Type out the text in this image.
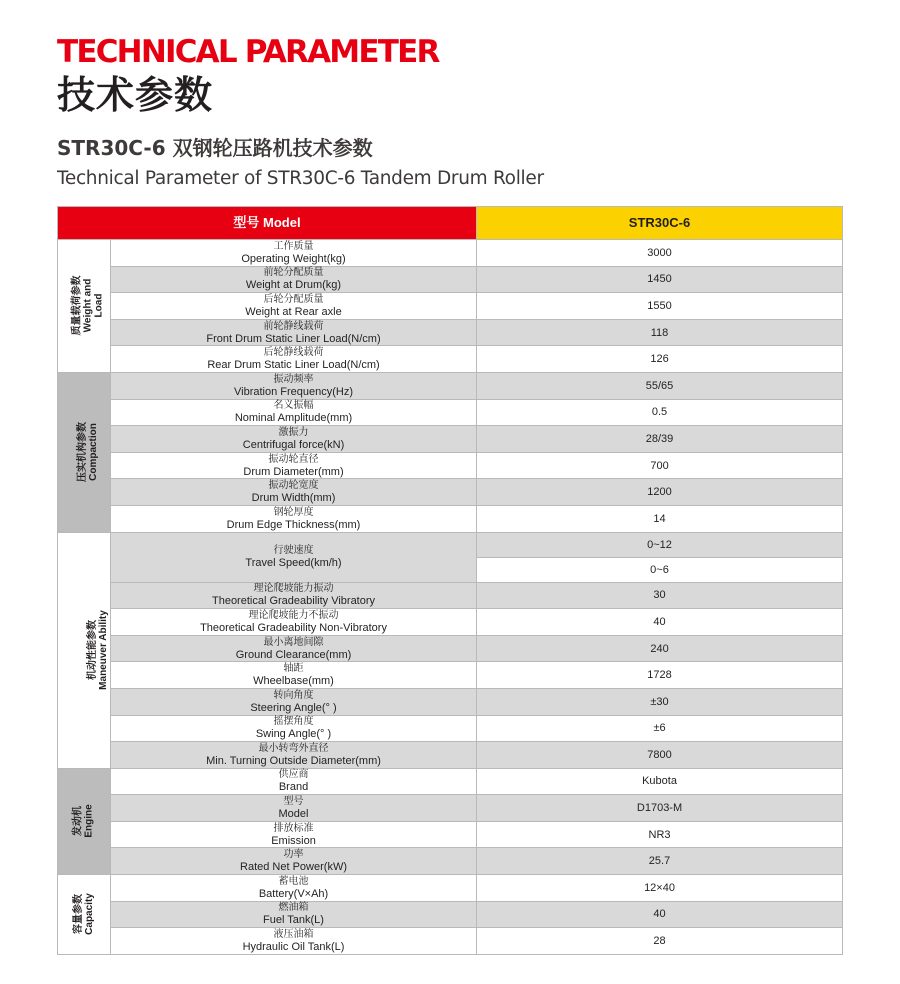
TECHNICAL PARAMETER
技术参数
STR30C-6 双钢轮压路机技术参数
Technical Parameter of STR30C-6 Tandem Drum Roller
型号 Model		STR30C-6

质量载荷参数 Weight and Load	工作质量
Operating Weight(kg)	3000

	前轮分配质量
Weight at Drum(kg)	1450

	后轮分配质量
Weight at Rear axle	1550

	前轮静线载荷
Front Drum Static Liner Load(N/cm)	118

	后轮静线载荷
Rear Drum Static Liner Load(N/cm)	126

压实机构参数 Compaction	振动频率
Vibration Frequency(Hz)	55/65

	名义振幅
Nominal Amplitude(mm)	0.5

	激振力
Centrifugal force(kN)	28/39

	振动轮直径
Drum Diameter(mm)	700

	振动轮宽度
Drum Width(mm)	1200

	钢轮厚度
Drum Edge Thickness(mm)	14

机动性能参数 Maneuver Ability	行驶速度
Travel Speed(km/h)	0~12
		0~6

	理论爬坡能力振动
Theoretical Gradeability Vibratory	30

	理论爬坡能力不振动
Theoretical Gradeability Non-Vibratory	40

	最小离地间隙
Ground Clearance(mm)	240

	轴距
Wheelbase(mm)	1728

	转向角度
Steering Angle(° )	±30

	摇摆角度
Swing Angle(° )	±6

	最小转弯外直径
Min. Turning Outside Diameter(mm)	7800

发动机 Engine	供应商
Brand	Kubota

	型号
Model	D1703-M

	排放标准
Emission	NR3

	功率
Rated Net Power(kW)	25.7

容量参数 Capacity	蓄电池
Battery(V×Ah)	12×40

	燃油箱
Fuel Tank(L)	40

	液压油箱
Hydraulic Oil Tank(L)	28
